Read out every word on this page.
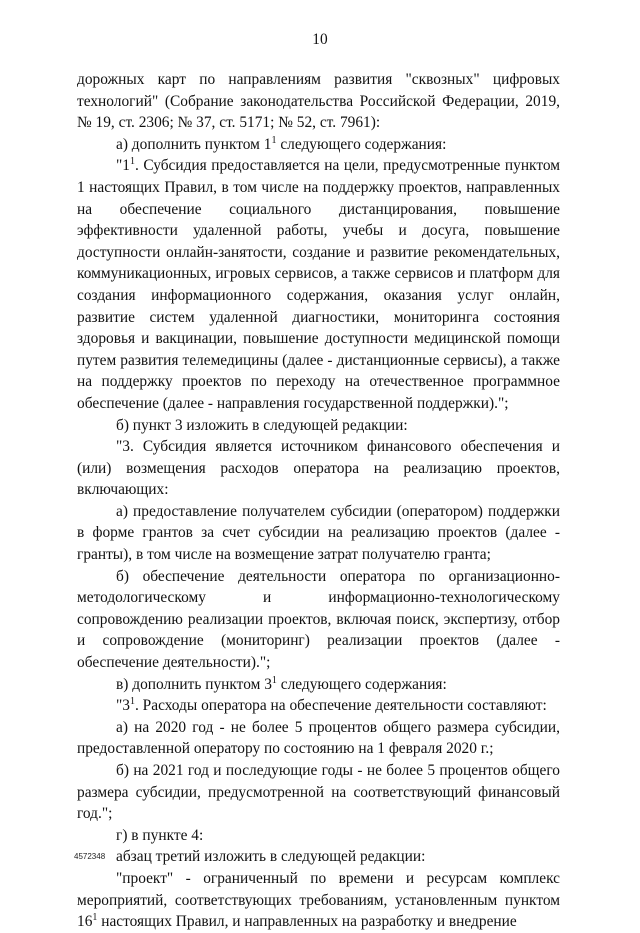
10

дорожных карт по направлениям развития "сквозных" цифровых технологий" (Собрание законодательства Российской Федерации, 2019, № 19, ст. 2306; № 37, ст. 5171; № 52, ст. 7961):

а) дополнить пунктом $1^1$ следующего содержания:

"$1^1$. Субсидия предоставляется на цели, предусмотренные пунктом 1 настоящих Правил, в том числе на поддержку проектов, направленных на обеспечение социального дистанцирования, повышение эффективности удаленной работы, учебы и досуга, повышение доступности онлайн-занятости, создание и развитие рекомендательных, коммуникационных, игровых сервисов, а также сервисов и платформ для создания информационного содержания, оказания услуг онлайн, развитие систем удаленной диагностики, мониторинга состояния здоровья и вакцинации, повышение доступности медицинской помощи путем развития телемедицины (далее - дистанционные сервисы), а также на поддержку проектов по переходу на отечественное программное обеспечение (далее - направления государственной поддержки).";

б) пункт 3 изложить в следующей редакции:

"3. Субсидия является источником финансового обеспечения и (или) возмещения расходов оператора на реализацию проектов, включающих:

а) предоставление получателем субсидии (оператором) поддержки в форме грантов за счет субсидии на реализацию проектов (далее - гранты), в том числе на возмещение затрат получателю гранта;

б) обеспечение деятельности оператора по организационно-методологическому и информационно-технологическому сопровождению реализации проектов, включая поиск, экспертизу, отбор и сопровождение (мониторинг) реализации проектов (далее - обеспечение деятельности).";

в) дополнить пунктом $3^1$ следующего содержания:

"$3^1$. Расходы оператора на обеспечение деятельности составляют:

а) на 2020 год - не более 5 процентов общего размера субсидии, предоставленной оператору по состоянию на 1 февраля 2020 г.;

б) на 2021 год и последующие годы - не более 5 процентов общего размера субсидии, предусмотренной на соответствующий финансовый год.";

г) в пункте 4:

абзац третий изложить в следующей редакции:

"проект" - ограниченный по времени и ресурсам комплекс мероприятий, соответствующих требованиям, установленным пунктом $16^1$ настоящих Правил, и направленных на разработку и внедрение

4572348
